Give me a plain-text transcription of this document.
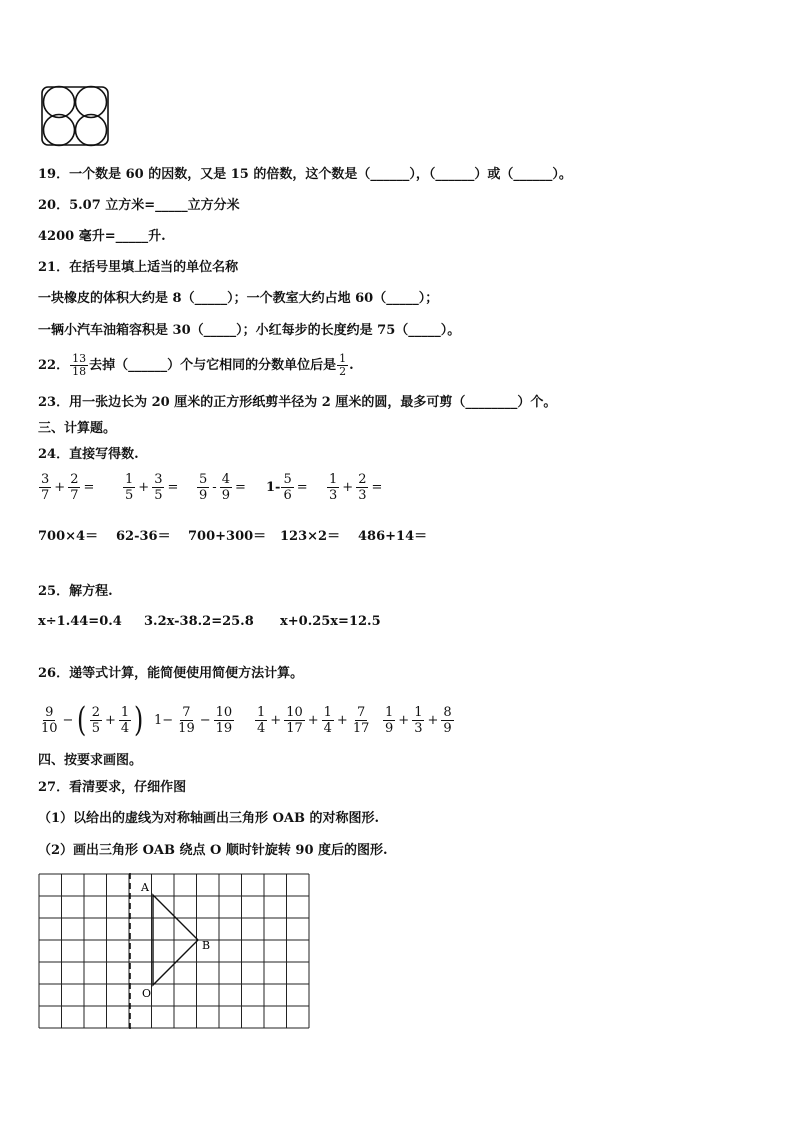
19．一个数是 60 的因数，又是 15 的倍数，这个数是（______），（______）或（______）。
20．5.07 立方米=_____立方分米
4200 毫升=_____升.
21．在括号里填上适当的单位名称
一块橡皮的体积大约是 8（_____）；一个教室大约占地 60（_____）；
一辆小汽车油箱容积是 30（_____）；小红每步的长度约是 75（_____）。
22． $\frac{13}{18}$ 去掉（______）个与它相同的分数单位后是 $\frac{1}{2}$ .
23．用一张边长为 20 厘米的正方形纸剪半径为 2 厘米的圆，最多可剪（________）个。
三、计算题。
24．直接写得数.
$\frac{3}{7} + \frac{2}{7} = \frac{1}{5} + \frac{3}{5} = \frac{5}{9} - \frac{4}{9} = 1- \frac{5}{6} = \frac{1}{3} + \frac{2}{3}$ =
700×4＝ 62-36＝ 700+300＝ 123×2＝ 486+14＝
25．解方程.
x÷1.44=0.4 3.2x-38.2=25.8 x+0.25x=12.5
26．递等式计算，能简便使用简便方法计算。
$\frac{9}{10}$ − ( $\frac{2}{5} + \frac{1}{4}$ ) $1- \frac{7}{19} - \frac{10}{19} \frac{1}{4} + \frac{10}{17} + \frac{1}{4} + \frac{7}{17} \frac{1}{9} + \frac{1}{3} + \frac{8}{9}$
四、按要求画图。
27．看清要求，仔细作图
（1）以给出的虚线为对称轴画出三角形 OAB 的对称图形.
（2）画出三角形 OAB 绕点 O 顺时针旋转 90 度后的图形.
A
B
O
